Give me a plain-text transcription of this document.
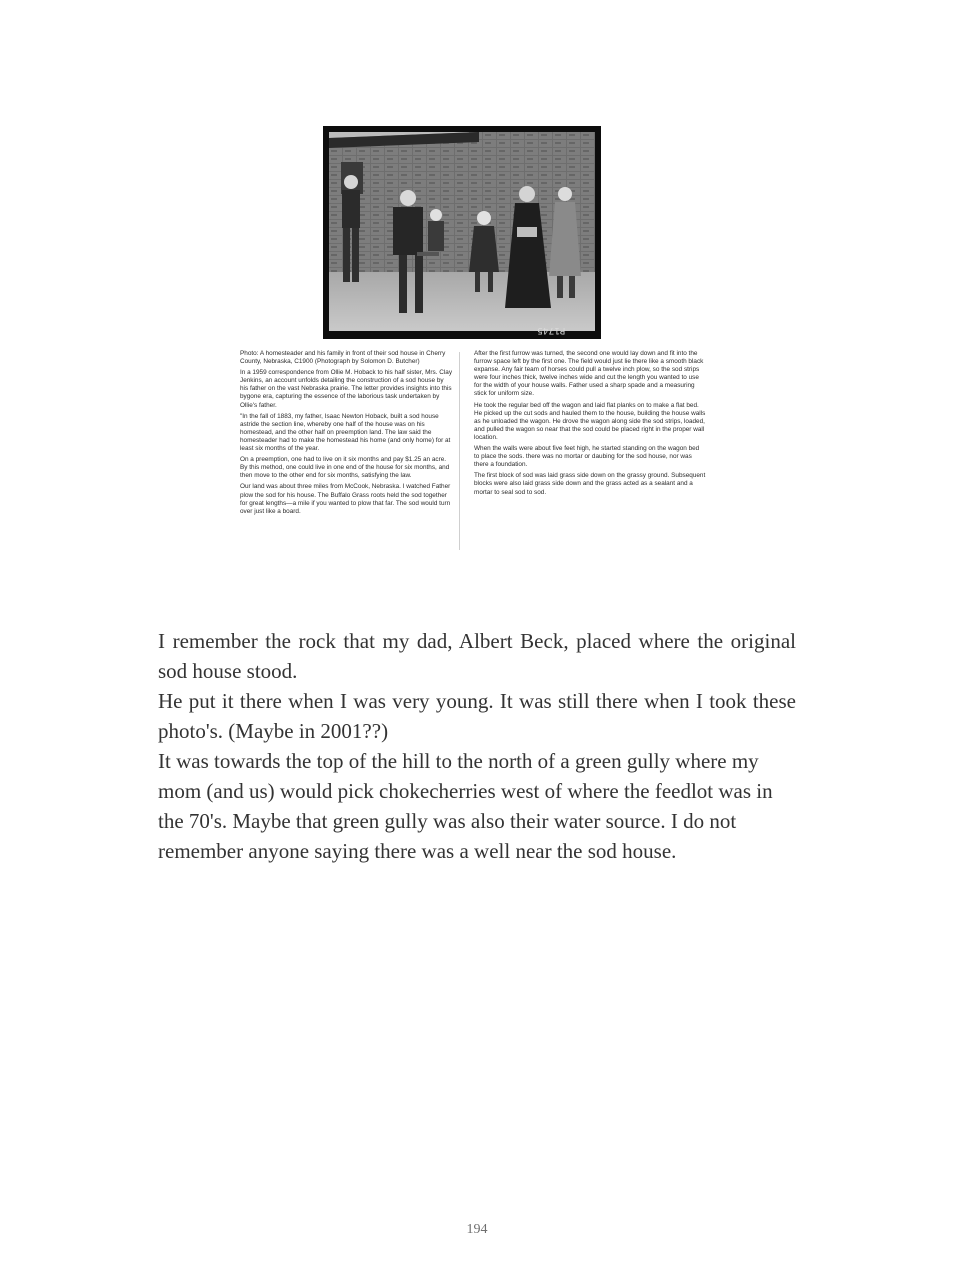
P1745

Photo: A homesteader and his family in front of their sod house in Cherry County, Nebraska, C1900 (Photograph by Solomon D. Butcher)

In a 1959 correspondence from Ollie M. Hoback to his half sister, Mrs. Clay Jenkins, an account unfolds detailing the construction of a sod house by his father on the vast Nebraska prairie. The letter provides insights into this bygone era, capturing the essence of the laborious task undertaken by Ollie's father.

"In the fall of 1883, my father, Isaac Newton Hoback, built a sod house astride the section line, whereby one half of the house was on his homestead, and the other half on preemption land. The law said the homesteader had to make the homestead his home (and only home) for at least six months of the year.

On a preemption, one had to live on it six months and pay $1.25 an acre. By this method, one could live in one end of the house for six months, and then move to the other end for six months, satisfying the law.

Our land was about three miles from McCook, Nebraska. I watched Father plow the sod for his house. The Buffalo Grass roots held the sod together for great lengths—a mile if you wanted to plow that far. The sod would turn over just like a board.

After the first furrow was turned, the second one would lay down and fit into the furrow space left by the first one. The field would just lie there like a smooth black expanse. Any fair team of horses could pull a twelve inch plow, so the sod strips were four inches thick, twelve inches wide and cut the length you wanted to use for the width of your house walls. Father used a sharp spade and a measuring stick for uniform size.

He took the regular bed off the wagon and laid flat planks on to make a flat bed. He picked up the cut sods and hauled them to the house, building the house walls as he unloaded the wagon. He drove the wagon along side the sod strips, loaded, and pulled the wagon so near that the sod could be placed right in the proper wall location.

When the walls were about five feet high, he started standing on the wagon bed to place the sods. there was no mortar or daubing for the sod house, nor was there a foundation.

The first block of sod was laid grass side down on the grassy ground. Subsequent blocks were also laid grass side down and the grass acted as a sealant and a mortar to seal sod to sod.

I remember the rock that my dad, Albert Beck, placed where the original sod house stood.

He put it there when I was very young. It was still there when I took these photo's. (Maybe in 2001??)

It was towards the top of the hill to the north of a green gully where my mom (and us) would pick chokecherries west of where the feedlot was in the 70's. Maybe that green gully was also their water source. I do not remember anyone saying there was a well near the sod house.

194
